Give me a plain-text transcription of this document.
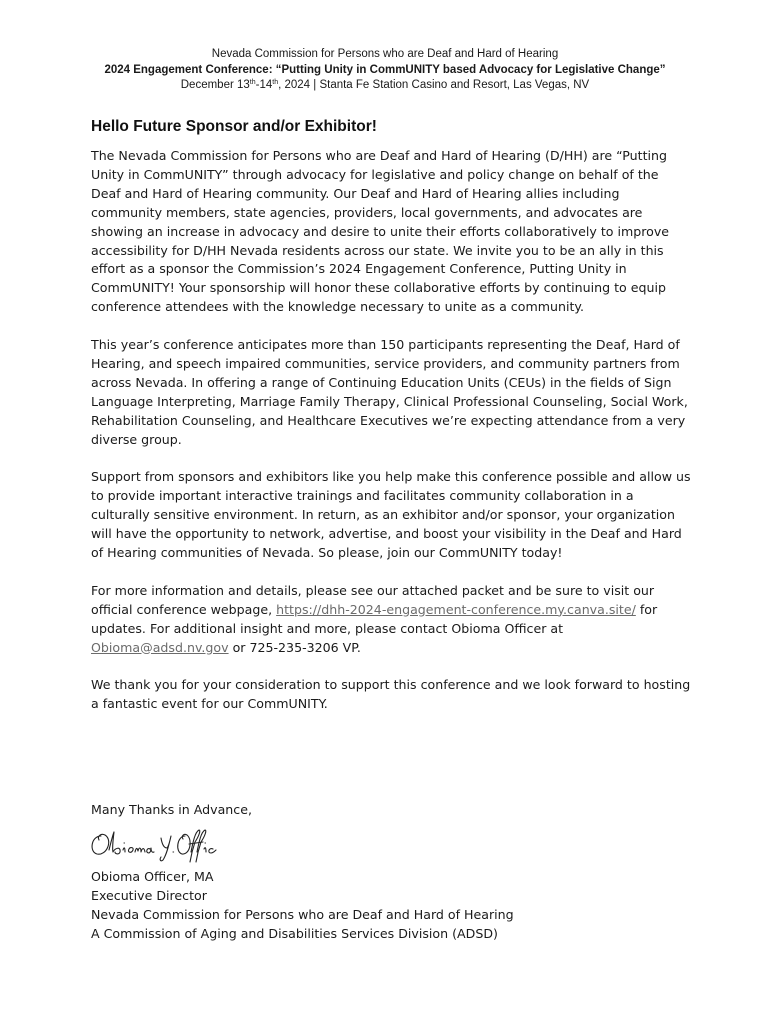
Nevada Commission for Persons who are Deaf and Hard of Hearing
2024 Engagement Conference: “Putting Unity in CommUNITY based Advocacy for Legislative Change”
December 13th-14th, 2024 | Stanta Fe Station Casino and Resort, Las Vegas, NV
Hello Future Sponsor and/or Exhibitor!

The Nevada Commission for Persons who are Deaf and Hard of Hearing (D/HH) are “Putting Unity in CommUNITY” through advocacy for legislative and policy change on behalf of the Deaf and Hard of Hearing community. Our Deaf and Hard of Hearing allies including community members, state agencies, providers, local governments, and advocates are showing an increase in advocacy and desire to unite their efforts collaboratively to improve accessibility for D/HH Nevada residents across our state. We invite you to be an ally in this effort as a sponsor the Commission’s 2024 Engagement Conference, Putting Unity in CommUNITY! Your sponsorship will honor these collaborative efforts by continuing to equip conference attendees with the knowledge necessary to unite as a community.

This year’s conference anticipates more than 150 participants representing the Deaf, Hard of Hearing, and speech impaired communities, service providers, and community partners from across Nevada. In offering a range of Continuing Education Units (CEUs) in the fields of Sign Language Interpreting, Marriage Family Therapy, Clinical Professional Counseling, Social Work, Rehabilitation Counseling, and Healthcare Executives we’re expecting attendance from a very diverse group.

Support from sponsors and exhibitors like you help make this conference possible and allow us to provide important interactive trainings and facilitates community collaboration in a culturally sensitive environment. In return, as an exhibitor and/or sponsor, your organization will have the opportunity to network, advertise, and boost your visibility in the Deaf and Hard of Hearing communities of Nevada. So please, join our CommUNITY today!

For more information and details, please see our attached packet and be sure to visit our official conference webpage, https://dhh-2024-engagement-conference.my.canva.site/ for updates. For additional insight and more, please contact Obioma Officer at Obioma@adsd.nv.gov or 725-235-3206 VP.

We thank you for your consideration to support this conference and we look forward to hosting a fantastic event for our CommUNITY.

Many Thanks in Advance,
Obioma Officer, MA
Executive Director
Nevada Commission for Persons who are Deaf and Hard of Hearing
A Commission of Aging and Disabilities Services Division (ADSD)
